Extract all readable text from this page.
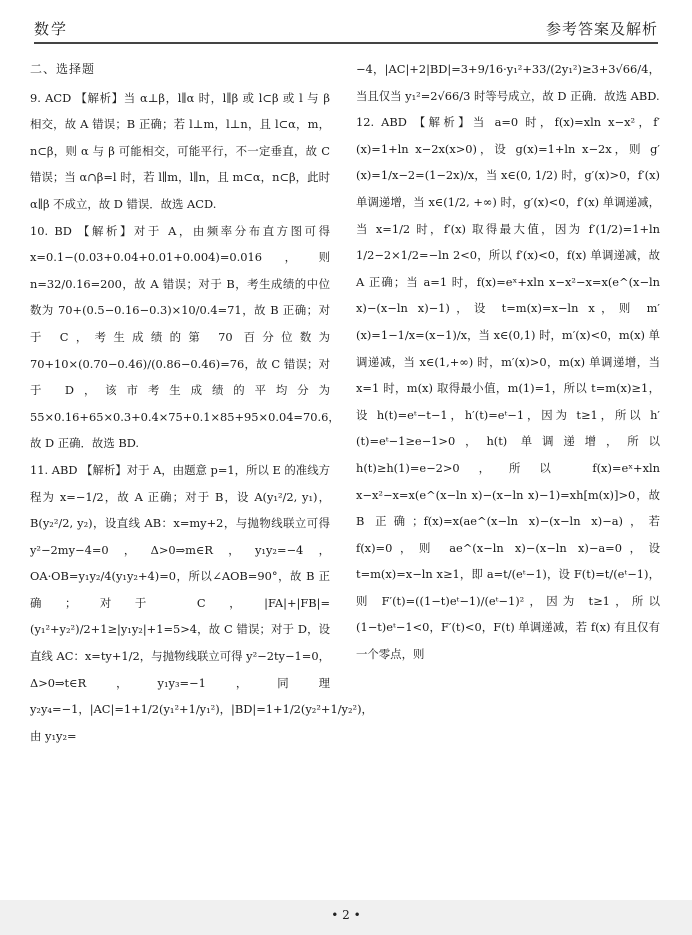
数学	参考答案及解析

二、选择题

9. ACD 【解析】当 α⊥β，l∥α 时，l∥β 或 l⊂β 或 l 与 β 相交，故 A 错误；B 正确；若 l⊥m，l⊥n，且 l⊂α，m，n⊂β，则 α 与 β 可能相交，可能平行，不一定垂直，故 C 错误；当 α∩β=l 时，若 l∥m，l∥n，且 m⊂α，n⊂β，此时 α∥β 不成立，故 D 错误．故选 ACD.

10. BD 【解析】对于 A，由频率分布直方图可得 x=0.1−(0.03+0.04+0.01+0.004)=0.016，则 n=32/0.16=200，故 A 错误；对于 B，考生成绩的中位数为 70+(0.5−0.16−0.3)×10/0.4=71，故 B 正确；对于 C，考生成绩的第 70 百分位数为 70+10×(0.70−0.46)/(0.86−0.46)=76，故 C 错误；对于 D，该市考生成绩的平均分为 55×0.16+65×0.3+0.4×75+0.1×85+95×0.04=70.6，故 D 正确．故选 BD.

11. ABD 【解析】对于 A，由题意 p=1，所以 E 的准线方程为 x=−1/2，故 A 正确；对于 B，设 A(y₁²/2, y₁)，B(y₂²/2, y₂)，设直线 AB：x=my+2，与抛物线联立可得 y²−2my−4=0，Δ>0⇒m∈R，y₁y₂=−4，OA·OB=y₁y₂/4(y₁y₂+4)=0，所以∠AOB=90°，故 B 正确；对于 C，|FA|+|FB|=(y₁²+y₂²)/2+1≥|y₁y₂|+1=5>4，故 C 错误；对于 D，设直线 AC：x=ty+1/2，与抛物线联立可得 y²−2ty−1=0，Δ>0⇒t∈R，y₁y₃=−1，同理 y₂y₄=−1，|AC|=1+1/2(y₁²+1/y₁²)，|BD|=1+1/2(y₂²+1/y₂²)，由 y₁y₂=

−4，|AC|+2|BD|=3+9/16·y₁²+33/(2y₁²)≥3+3√66/4，当且仅当 y₁²=2√66/3 时等号成立，故 D 正确．故选 ABD.

12. ABD 【解析】当 a=0 时，f(x)=xln x−x²，f′(x)=1+ln x−2x(x>0)，设 g(x)=1+ln x−2x，则 g′(x)=1/x−2=(1−2x)/x，当 x∈(0, 1/2) 时，g′(x)>0，f′(x) 单调递增，当 x∈(1/2, +∞) 时，g′(x)<0，f′(x) 单调递减，当 x=1/2 时，f′(x) 取得最大值，因为 f′(1/2)=1+ln 1/2−2×1/2=−ln 2<0，所以 f′(x)<0，f(x) 单调递减，故 A 正确；当 a=1 时，f(x)=eˣ+xln x−x²−x=x(e^(x−ln x)−(x−ln x)−1)，设 t=m(x)=x−ln x，则 m′(x)=1−1/x=(x−1)/x，当 x∈(0,1) 时，m′(x)<0，m(x) 单调递减，当 x∈(1,+∞) 时，m′(x)>0，m(x) 单调递增，当 x=1 时，m(x) 取得最小值，m(1)=1，所以 t=m(x)≥1，设 h(t)=eᵗ−t−1，h′(t)=eᵗ−1，因为 t≥1，所以 h′(t)=eᵗ−1≥e−1>0，h(t) 单调递增，所以 h(t)≥h(1)=e−2>0，所以 f(x)=eˣ+xln x−x²−x=x(e^(x−ln x)−(x−ln x)−1)=xh[m(x)]>0，故 B 正确；f(x)=x(ae^(x−ln x)−(x−ln x)−a)，若 f(x)=0，则 ae^(x−ln x)−(x−ln x)−a=0，设 t=m(x)=x−ln x≥1，即 a=t/(eᵗ−1)，设 F(t)=t/(eᵗ−1)，则 F′(t)=((1−t)eᵗ−1)/(eᵗ−1)²，因为 t≥1，所以 (1−t)eᵗ−1<0，F′(t)<0，F(t) 单调递减，若 f(x) 有且仅有一个零点，则

• 2 •
